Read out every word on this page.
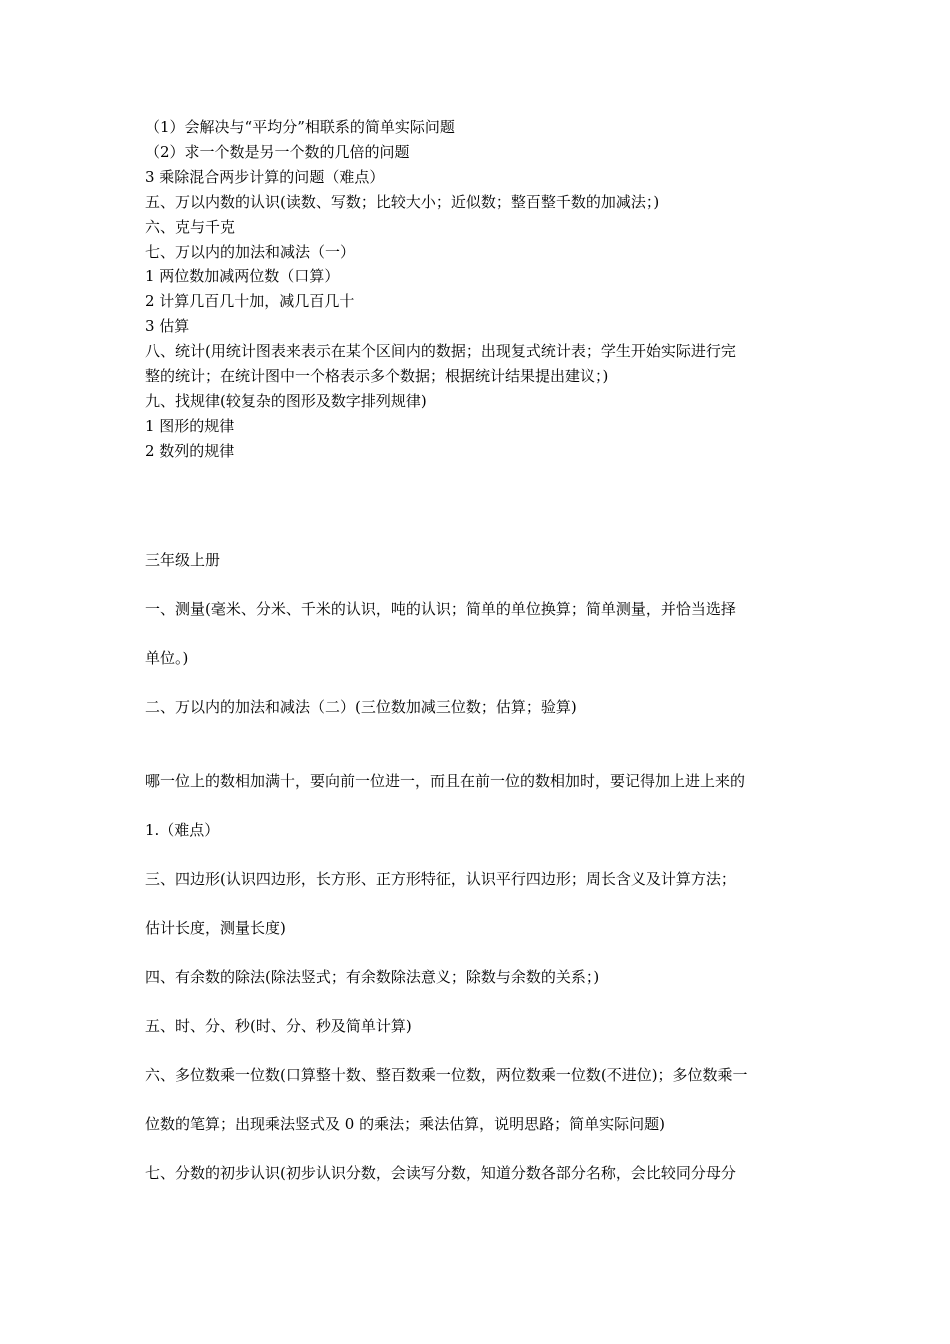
（1）会解决与“平均分”相联系的简单实际问题
（2）求一个数是另一个数的几倍的问题
3 乘除混合两步计算的问题（难点）
五、万以内数的认识(读数、写数；比较大小；近似数；整百整千数的加减法；)
六、克与千克
七、万以内的加法和减法（一）
1 两位数加减两位数（口算）
2 计算几百几十加，减几百几十
3 估算
八、统计(用统计图表来表示在某个区间内的数据；出现复式统计表；学生开始实际进行完
整的统计；在统计图中一个格表示多个数据；根据统计结果提出建议；)
九、找规律(较复杂的图形及数字排列规律)
1 图形的规律
2 数列的规律
三年级上册
一、测量(毫米、分米、千米的认识，吨的认识；简单的单位换算；简单测量，并恰当选择
单位。)
二、万以内的加法和减法（二）(三位数加减三位数；估算；验算)
哪一位上的数相加满十，要向前一位进一，而且在前一位的数相加时，要记得加上进上来的
1.（难点）
三、四边形(认识四边形，长方形、正方形特征，认识平行四边形；周长含义及计算方法；
估计长度，测量长度)
四、有余数的除法(除法竖式；有余数除法意义；除数与余数的关系；)
五、时、分、秒(时、分、秒及简单计算)
六、多位数乘一位数(口算整十数、整百数乘一位数，两位数乘一位数(不进位)；多位数乘一
位数的笔算；出现乘法竖式及 0 的乘法；乘法估算，说明思路；简单实际问题)
七、分数的初步认识(初步认识分数，会读写分数，知道分数各部分名称，会比较同分母分
